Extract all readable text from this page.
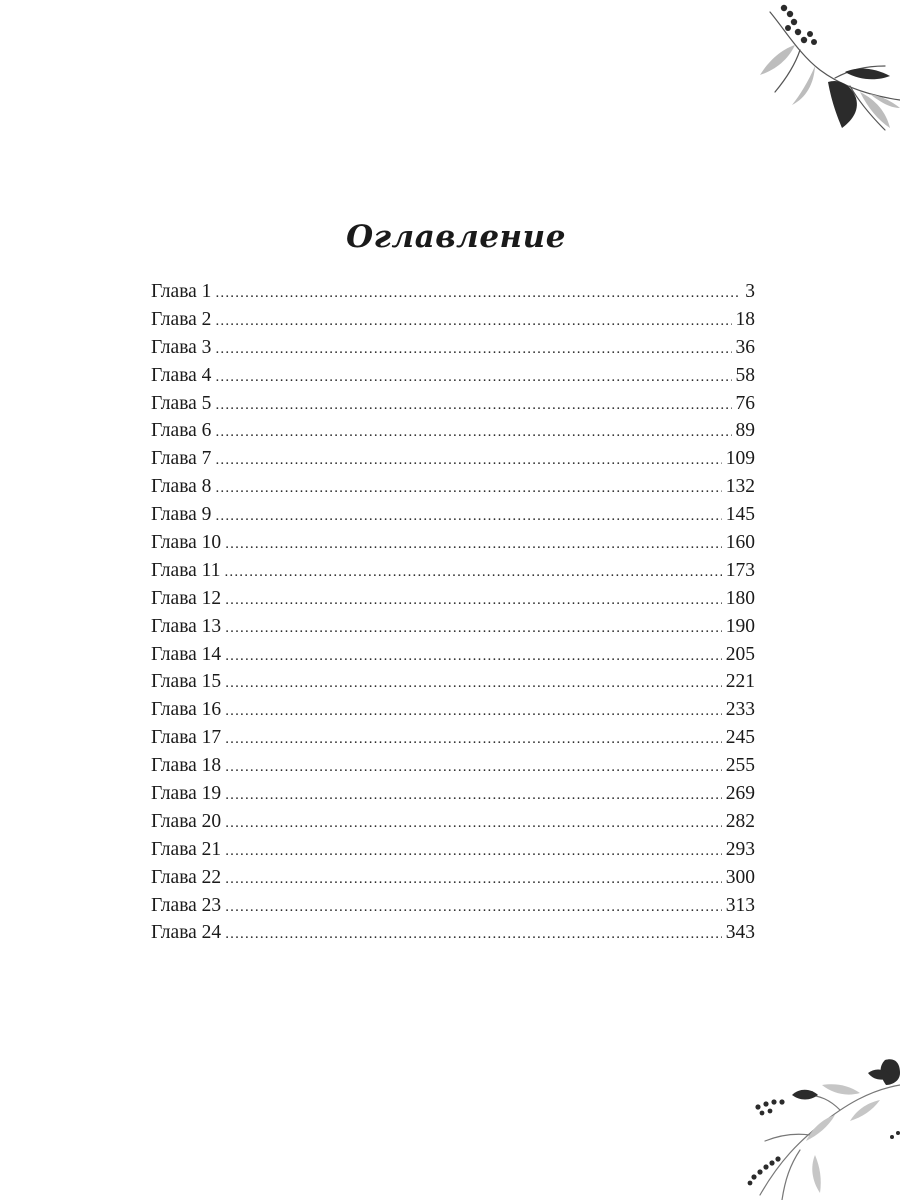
Оглавление
Глава 1 .....	3
Глава 2 .....	18
Глава 3 .....	36
Глава 4 .....	58
Глава 5 .....	76
Глава 6 .....	89
Глава 7 .....	109
Глава 8 .....	132
Глава 9 .....	145
Глава 10 .....	160
Глава 11 .....	173
Глава 12 .....	180
Глава 13 .....	190
Глава 14 .....	205
Глава 15 .....	221
Глава 16 .....	233
Глава 17 .....	245
Глава 18 .....	255
Глава 19 .....	269
Глава 20 .....	282
Глава 21 .....	293
Глава 22 .....	300
Глава 23 .....	313
Глава 24 .....	343
